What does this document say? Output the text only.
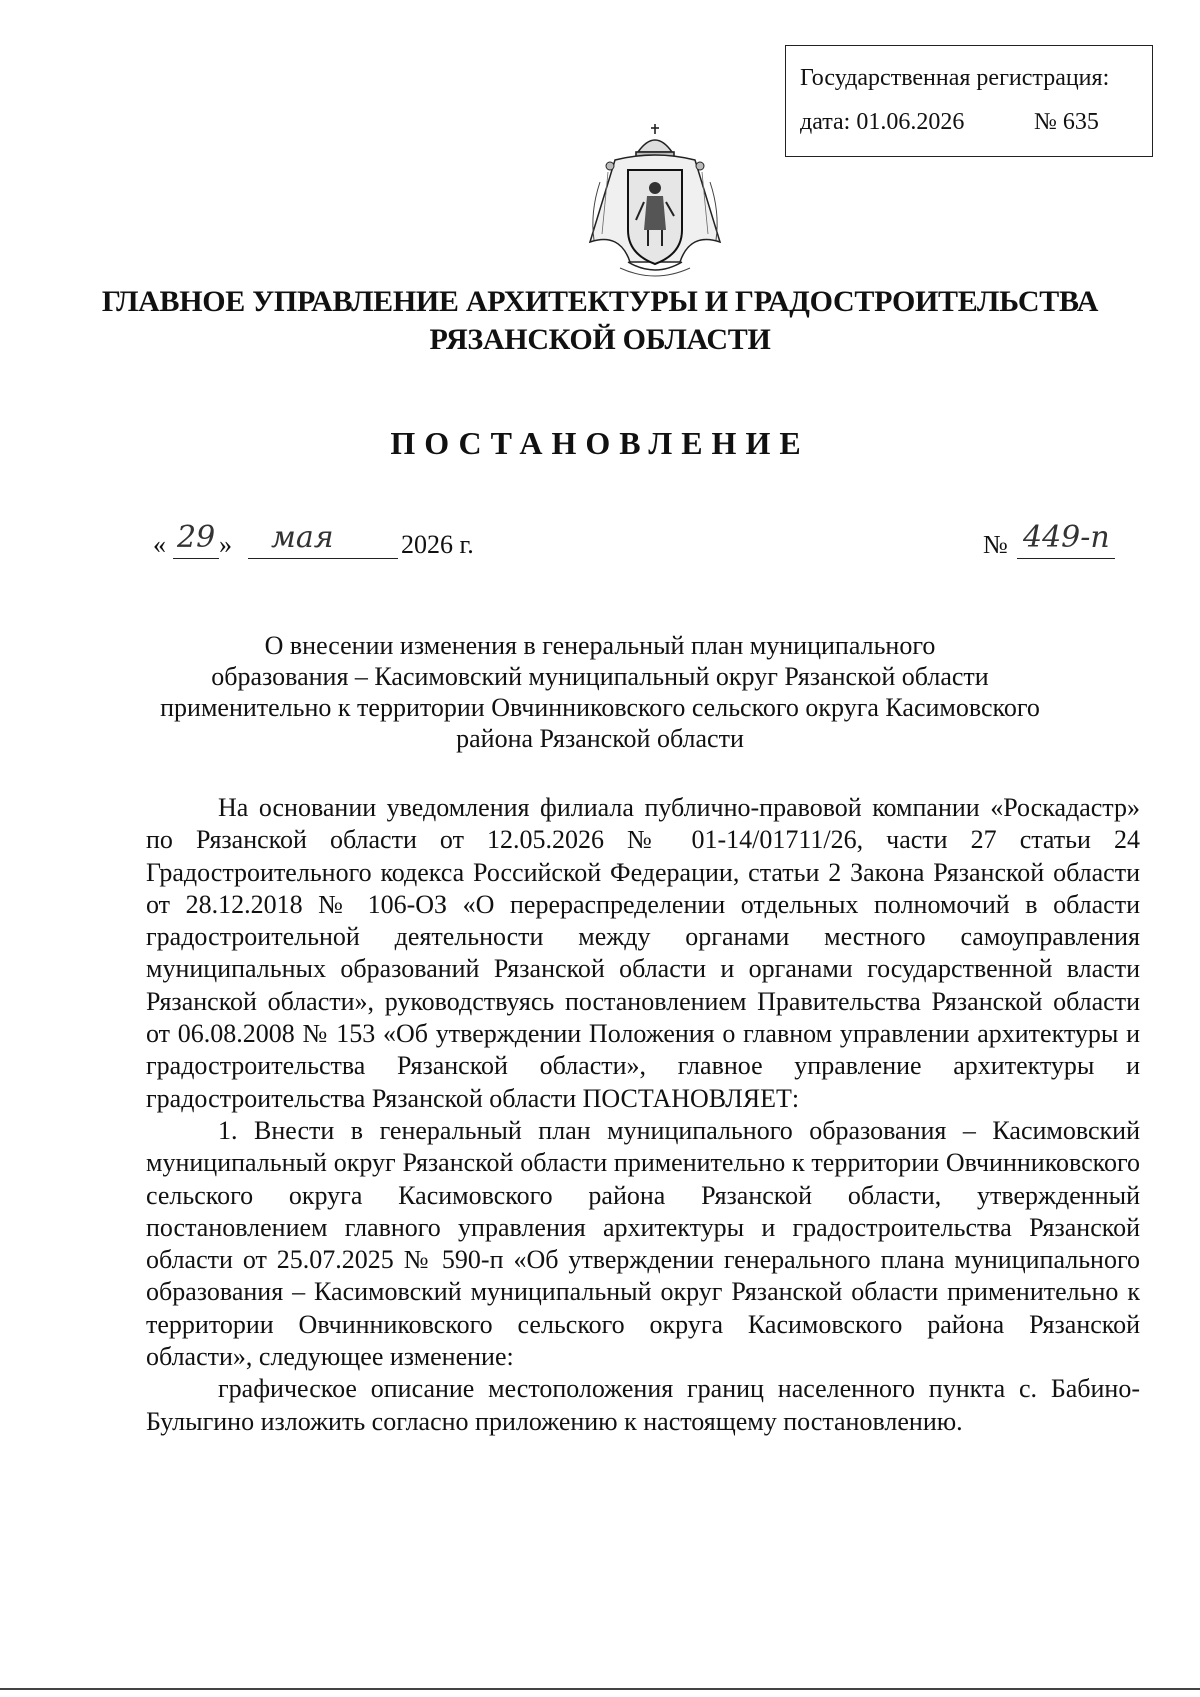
Государственная регистрация:
дата: 01.06.2026	№ 635
ГЛАВНОЕ УПРАВЛЕНИЕ АРХИТЕКТУРЫ И ГРАДОСТРОИТЕЛЬСТВА
РЯЗАНСКОЙ ОБЛАСТИ
ПОСТАНОВЛЕНИЕ
« 29 » мая	2026 г.	№ 449-п
О внесении изменения в генеральный план муниципального
образования – Касимовский муниципальный округ Рязанской области
применительно к территории Овчинниковского сельского округа Касимовского
района Рязанской области

На основании уведомления филиала публично-правовой компании «Роскадастр» по Рязанской области от 12.05.2026 № 01-14/01711/26, части 27 статьи 24 Градостроительного кодекса Российской Федерации, статьи 2 Закона Рязанской области от 28.12.2018 № 106-ОЗ «О перераспределении отдельных полномочий в области градостроительной деятельности между органами местного самоуправления муниципальных образований Рязанской области и органами государственной власти Рязанской области», руководствуясь постановлением Правительства Рязанской области от 06.08.2008 № 153 «Об утверждении Положения о главном управлении архитектуры и градостроительства Рязанской области», главное управление архитектуры и градостроительства Рязанской области ПОСТАНОВЛЯЕТ:

1. Внести в генеральный план муниципального образования – Касимовский муниципальный округ Рязанской области применительно к территории Овчинниковского сельского округа Касимовского района Рязанской области, утвержденный постановлением главного управления архитектуры и градостроительства Рязанской области от 25.07.2025 № 590-п «Об утверждении генерального плана муниципального образования – Касимовский муниципальный округ Рязанской области применительно к территории Овчинниковского сельского округа Касимовского района Рязанской области», следующее изменение:

графическое описание местоположения границ населенного пункта с. Бабино-Булыгино изложить согласно приложению к настоящему постановлению.
